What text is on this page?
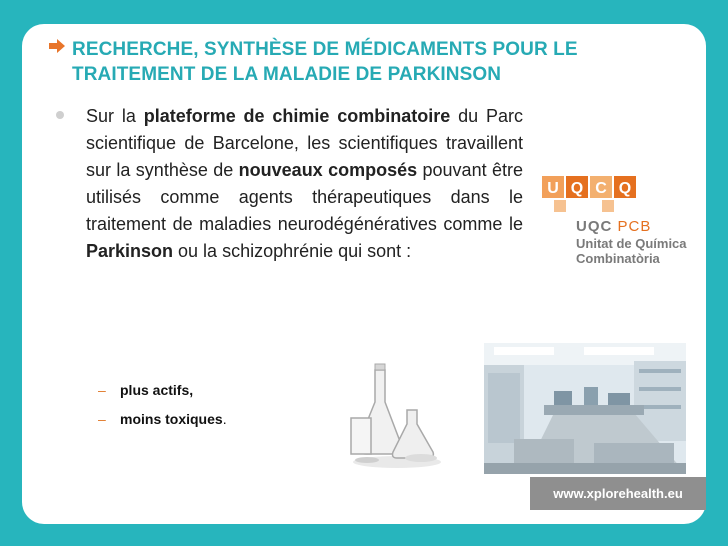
RECHERCHE, SYNTHÈSE DE MÉDICAMENTS POUR LE
TRAITEMENT DE LA MALADIE DE PARKINSON

Sur la plateforme de chimie combinatoire du Parc scientifique de Barcelone, les scientifiques travaillent sur la synthèse de nouveaux composés pouvant être utilisés comme agents thérapeutiques dans le traitement de maladies neurodégénératives comme le Parkinson ou la schizophrénie qui sont :

– plus actifs,
– moins toxiques.
U Q C Q
UQC PCB
Unitat de Química
Combinatòria
www.xplorehealth.eu
